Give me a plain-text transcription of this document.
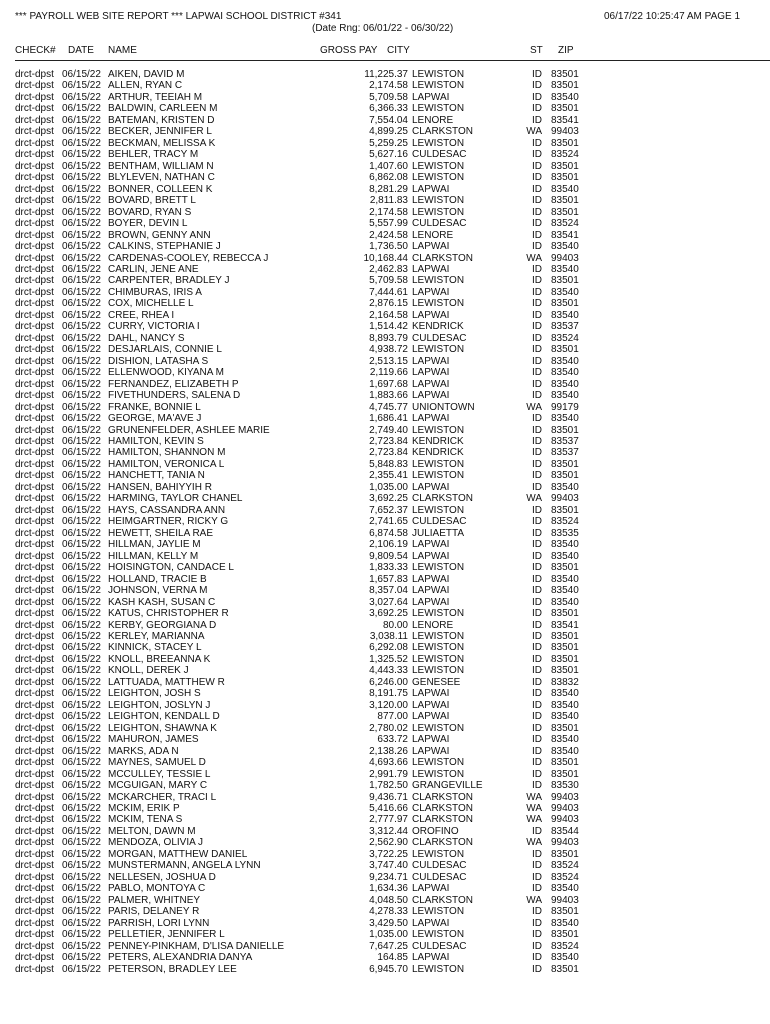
*** PAYROLL WEB SITE REPORT *** LAPWAI SCHOOL DISTRICT #341
(Date Rng: 06/01/22 - 06/30/22)
06/17/22 10:25:47 AM PAGE 1
CHECK# DATE NAME	GROSS PAY CITY	ST ZIP
drct-dpst 06/15/22 AIKEN, DAVID M	11,225.37 LEWISTON	ID 83501
drct-dpst 06/15/22 ALLEN, RYAN C	2,174.58 LEWISTON	ID 83501
drct-dpst 06/15/22 ARTHUR, TEEIAH M	5,709.58 LAPWAI	ID 83540
drct-dpst 06/15/22 BALDWIN, CARLEEN M	6,366.33 LEWISTON	ID 83501
drct-dpst 06/15/22 BATEMAN, KRISTEN D	7,554.04 LENORE	ID 83541
drct-dpst 06/15/22 BECKER, JENNIFER L	4,899.25 CLARKSTON	WA 99403
drct-dpst 06/15/22 BECKMAN, MELISSA K	5,259.25 LEWISTON	ID 83501
drct-dpst 06/15/22 BEHLER, TRACY M	5,627.16 CULDESAC	ID 83524
drct-dpst 06/15/22 BENTHAM, WILLIAM N	1,407.60 LEWISTON	ID 83501
drct-dpst 06/15/22 BLYLEVEN, NATHAN C	6,862.08 LEWISTON	ID 83501
drct-dpst 06/15/22 BONNER, COLLEEN K	8,281.29 LAPWAI	ID 83540
drct-dpst 06/15/22 BOVARD, BRETT L	2,811.83 LEWISTON	ID 83501
drct-dpst 06/15/22 BOVARD, RYAN S	2,174.58 LEWISTON	ID 83501
drct-dpst 06/15/22 BOYER, DEVIN L	5,557.99 CULDESAC	ID 83524
drct-dpst 06/15/22 BROWN, GENNY ANN	2,424.58 LENORE	ID 83541
drct-dpst 06/15/22 CALKINS, STEPHANIE J	1,736.50 LAPWAI	ID 83540
drct-dpst 06/15/22 CARDENAS-COOLEY, REBECCA J	10,168.44 CLARKSTON	WA 99403
drct-dpst 06/15/22 CARLIN, JENE ANE	2,462.83 LAPWAI	ID 83540
drct-dpst 06/15/22 CARPENTER, BRADLEY J	5,709.58 LEWISTON	ID 83501
drct-dpst 06/15/22 CHIMBURAS, IRIS A	7,444.61 LAPWAI	ID 83540
drct-dpst 06/15/22 COX, MICHELLE L	2,876.15 LEWISTON	ID 83501
drct-dpst 06/15/22 CREE, RHEA I	2,164.58 LAPWAI	ID 83540
drct-dpst 06/15/22 CURRY, VICTORIA I	1,514.42 KENDRICK	ID 83537
drct-dpst 06/15/22 DAHL, NANCY S	8,893.79 CULDESAC	ID 83524
drct-dpst 06/15/22 DESJARLAIS, CONNIE L	4,938.72 LEWISTON	ID 83501
drct-dpst 06/15/22 DISHION, LATASHA S	2,513.15 LAPWAI	ID 83540
drct-dpst 06/15/22 ELLENWOOD, KIYANA M	2,119.66 LAPWAI	ID 83540
drct-dpst 06/15/22 FERNANDEZ, ELIZABETH P	1,697.68 LAPWAI	ID 83540
drct-dpst 06/15/22 FIVETHUNDERS, SALENA D	1,883.66 LAPWAI	ID 83540
drct-dpst 06/15/22 FRANKE, BONNIE L	4,745.77 UNIONTOWN	WA 99179
drct-dpst 06/15/22 GEORGE, MA'AVE J	1,686.41 LAPWAI	ID 83540
drct-dpst 06/15/22 GRUNENFELDER, ASHLEE MARIE	2,749.40 LEWISTON	ID 83501
drct-dpst 06/15/22 HAMILTON, KEVIN S	2,723.84 KENDRICK	ID 83537
drct-dpst 06/15/22 HAMILTON, SHANNON M	2,723.84 KENDRICK	ID 83537
drct-dpst 06/15/22 HAMILTON, VERONICA L	5,848.83 LEWISTON	ID 83501
drct-dpst 06/15/22 HANCHETT, TANIA N	2,355.41 LEWISTON	ID 83501
drct-dpst 06/15/22 HANSEN, BAHIYYIH R	1,035.00 LAPWAI	ID 83540
drct-dpst 06/15/22 HARMING, TAYLOR CHANEL	3,692.25 CLARKSTON	WA 99403
drct-dpst 06/15/22 HAYS, CASSANDRA ANN	7,652.37 LEWISTON	ID 83501
drct-dpst 06/15/22 HEIMGARTNER, RICKY G	2,741.65 CULDESAC	ID 83524
drct-dpst 06/15/22 HEWETT, SHEILA RAE	6,874.58 JULIAETTA	ID 83535
drct-dpst 06/15/22 HILLMAN, JAYLIE M	2,106.19 LAPWAI	ID 83540
drct-dpst 06/15/22 HILLMAN, KELLY M	9,809.54 LAPWAI	ID 83540
drct-dpst 06/15/22 HOISINGTON, CANDACE L	1,833.33 LEWISTON	ID 83501
drct-dpst 06/15/22 HOLLAND, TRACIE B	1,657.83 LAPWAI	ID 83540
drct-dpst 06/15/22 JOHNSON, VERNA M	8,357.04 LAPWAI	ID 83540
drct-dpst 06/15/22 KASH KASH, SUSAN C	3,027.64 LAPWAI	ID 83540
drct-dpst 06/15/22 KATUS, CHRISTOPHER R	3,692.25 LEWISTON	ID 83501
drct-dpst 06/15/22 KERBY, GEORGIANA D	80.00 LENORE	ID 83541
drct-dpst 06/15/22 KERLEY, MARIANNA	3,038.11 LEWISTON	ID 83501
drct-dpst 06/15/22 KINNICK, STACEY L	6,292.08 LEWISTON	ID 83501
drct-dpst 06/15/22 KNOLL, BREEANNA K	1,325.52 LEWISTON	ID 83501
drct-dpst 06/15/22 KNOLL, DEREK J	4,443.33 LEWISTON	ID 83501
drct-dpst 06/15/22 LATTUADA, MATTHEW R	6,246.00 GENESEE	ID 83832
drct-dpst 06/15/22 LEIGHTON, JOSH S	8,191.75 LAPWAI	ID 83540
drct-dpst 06/15/22 LEIGHTON, JOSLYN J	3,120.00 LAPWAI	ID 83540
drct-dpst 06/15/22 LEIGHTON, KENDALL D	877.00 LAPWAI	ID 83540
drct-dpst 06/15/22 LEIGHTON, SHAWNA K	2,780.02 LEWISTON	ID 83501
drct-dpst 06/15/22 MAHURON, JAMES	633.72 LAPWAI	ID 83540
drct-dpst 06/15/22 MARKS, ADA N	2,138.26 LAPWAI	ID 83540
drct-dpst 06/15/22 MAYNES, SAMUEL D	4,693.66 LEWISTON	ID 83501
drct-dpst 06/15/22 MCCULLEY, TESSIE L	2,991.79 LEWISTON	ID 83501
drct-dpst 06/15/22 MCGUIGAN, MARY C	1,782.50 GRANGEVILLE	ID 83530
drct-dpst 06/15/22 MCKARCHER, TRACI L	9,436.71 CLARKSTON	WA 99403
drct-dpst 06/15/22 MCKIM, ERIK P	5,416.66 CLARKSTON	WA 99403
drct-dpst 06/15/22 MCKIM, TENA S	2,777.97 CLARKSTON	WA 99403
drct-dpst 06/15/22 MELTON, DAWN M	3,312.44 OROFINO	ID 83544
drct-dpst 06/15/22 MENDOZA, OLIVIA J	2,562.90 CLARKSTON	WA 99403
drct-dpst 06/15/22 MORGAN, MATTHEW DANIEL	3,722.25 LEWISTON	ID 83501
drct-dpst 06/15/22 MUNSTERMANN, ANGELA LYNN	3,747.40 CULDESAC	ID 83524
drct-dpst 06/15/22 NELLESEN, JOSHUA D	9,234.71 CULDESAC	ID 83524
drct-dpst 06/15/22 PABLO, MONTOYA C	1,634.36 LAPWAI	ID 83540
drct-dpst 06/15/22 PALMER, WHITNEY	4,048.50 CLARKSTON	WA 99403
drct-dpst 06/15/22 PARIS, DELANEY R	4,278.33 LEWISTON	ID 83501
drct-dpst 06/15/22 PARRISH, LORI LYNN	3,429.50 LAPWAI	ID 83540
drct-dpst 06/15/22 PELLETIER, JENNIFER L	1,035.00 LEWISTON	ID 83501
drct-dpst 06/15/22 PENNEY-PINKHAM, D'LISA DANIELLE	7,647.25 CULDESAC	ID 83524
drct-dpst 06/15/22 PETERS, ALEXANDRIA DANYA	164.85 LAPWAI	ID 83540
drct-dpst 06/15/22 PETERSON, BRADLEY LEE	6,945.70 LEWISTON	ID 83501
